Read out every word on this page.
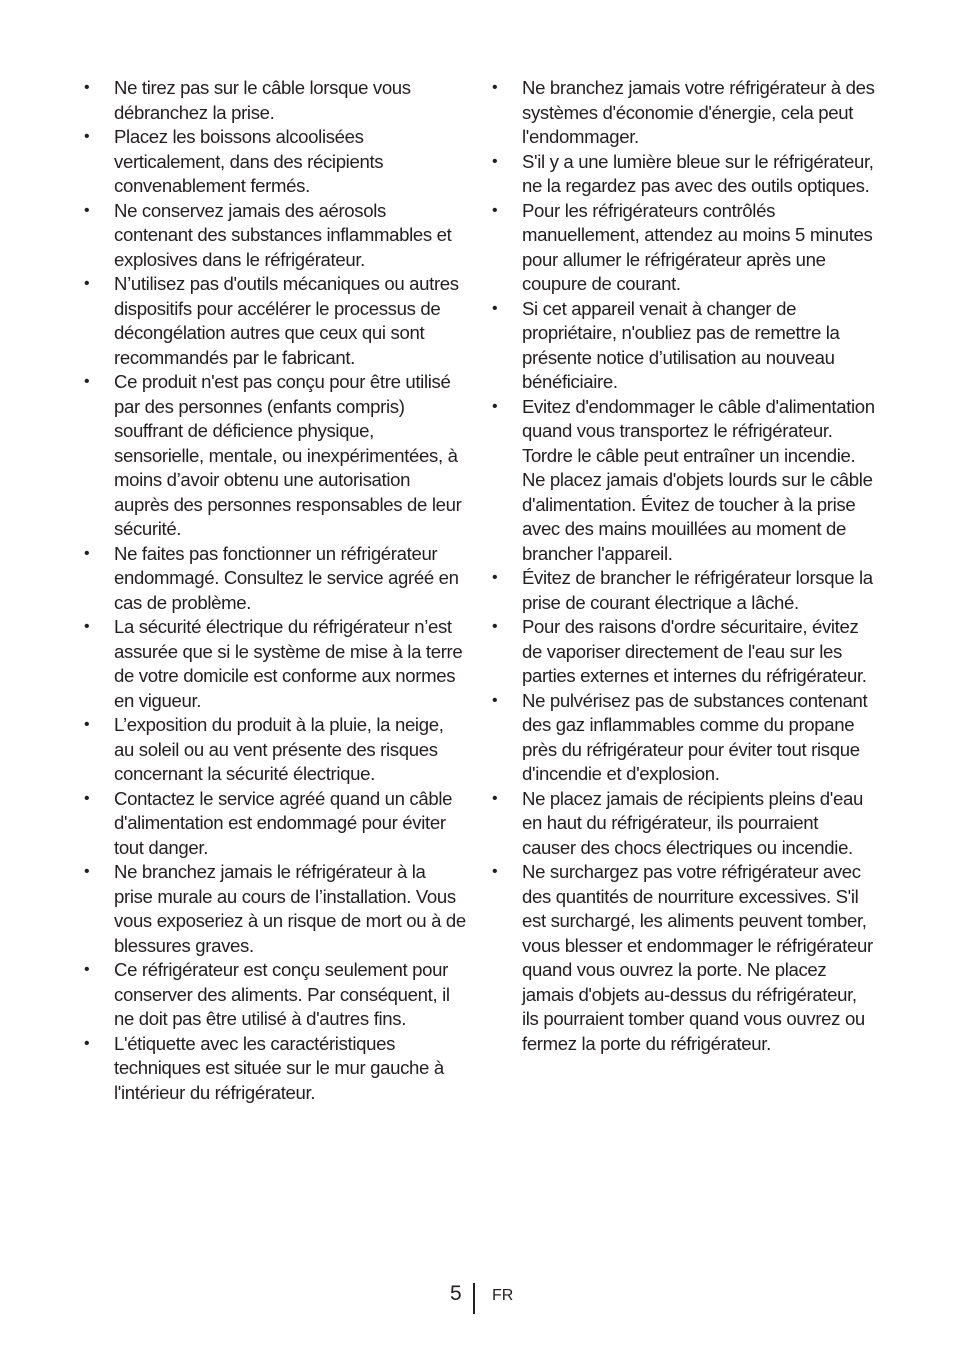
• Ne tirez pas sur le câble lorsque vous débranchez la prise.
• Placez les boissons alcoolisées verticalement, dans des récipients convenablement fermés.
• Ne conservez jamais des aérosols contenant des substances inflammables et explosives dans le réfrigérateur.
• N’utilisez pas d'outils mécaniques ou autres dispositifs pour accélérer le processus de décongélation autres que ceux qui sont recommandés par le fabricant.
• Ce produit n'est pas conçu pour être utilisé par des personnes (enfants compris) souffrant de déficience physique, sensorielle, mentale, ou inexpérimentées, à moins d’avoir obtenu une autorisation auprès des personnes responsables de leur sécurité.
• Ne faites pas fonctionner un réfrigérateur endommagé. Consultez le service agréé en cas de problème.
• La sécurité électrique du réfrigérateur n’est assurée que si le système de mise à la terre de votre domicile est conforme aux normes en vigueur.
• L’exposition du produit à la pluie, la neige, au soleil ou au vent présente des risques concernant la sécurité électrique.
• Contactez le service agréé quand un câble d'alimentation est endommagé pour éviter tout danger.
• Ne branchez jamais le réfrigérateur à la prise murale au cours de l’installation. Vous vous exposeriez à un risque de mort ou à de blessures graves.
• Ce réfrigérateur est conçu seulement pour conserver des aliments. Par conséquent, il ne doit pas être utilisé à d'autres fins.
• L'étiquette avec les caractéristiques techniques est située sur le mur gauche à l'intérieur du réfrigérateur.
• Ne branchez jamais votre réfrigérateur à des systèmes d'économie d'énergie, cela peut l'endommager.
• S'il y a une lumière bleue sur le réfrigérateur, ne la regardez pas avec des outils optiques.
• Pour les réfrigérateurs contrôlés manuellement, attendez au moins 5 minutes pour allumer le réfrigérateur après une coupure de courant.
• Si cet appareil venait à changer de propriétaire, n'oubliez pas de remettre la présente notice d’utilisation au nouveau bénéficiaire.
• Evitez d'endommager le câble d'alimentation quand vous transportez le réfrigérateur. Tordre le câble peut entraîner un incendie. Ne placez jamais d'objets lourds sur le câble d'alimentation. Évitez de toucher à la prise avec des mains mouillées au moment de brancher l'appareil.
• Évitez de brancher le réfrigérateur lorsque la prise de courant électrique a lâché.
• Pour des raisons d'ordre sécuritaire, évitez de vaporiser directement de l'eau sur les parties externes et internes du réfrigérateur.
• Ne pulvérisez pas de substances contenant des gaz inflammables comme du propane près du réfrigérateur pour éviter tout risque d'incendie et d'explosion.
• Ne placez jamais de récipients pleins d'eau en haut du réfrigérateur, ils pourraient causer des chocs électriques ou incendie.
• Ne surchargez pas votre réfrigérateur avec des quantités de nourriture excessives. S'il est surchargé, les aliments peuvent tomber, vous blesser et endommager le réfrigérateur quand vous ouvrez la porte. Ne placez jamais d'objets au-dessus du réfrigérateur, ils pourraient tomber quand vous ouvrez ou fermez la porte du réfrigérateur.
5 FR
